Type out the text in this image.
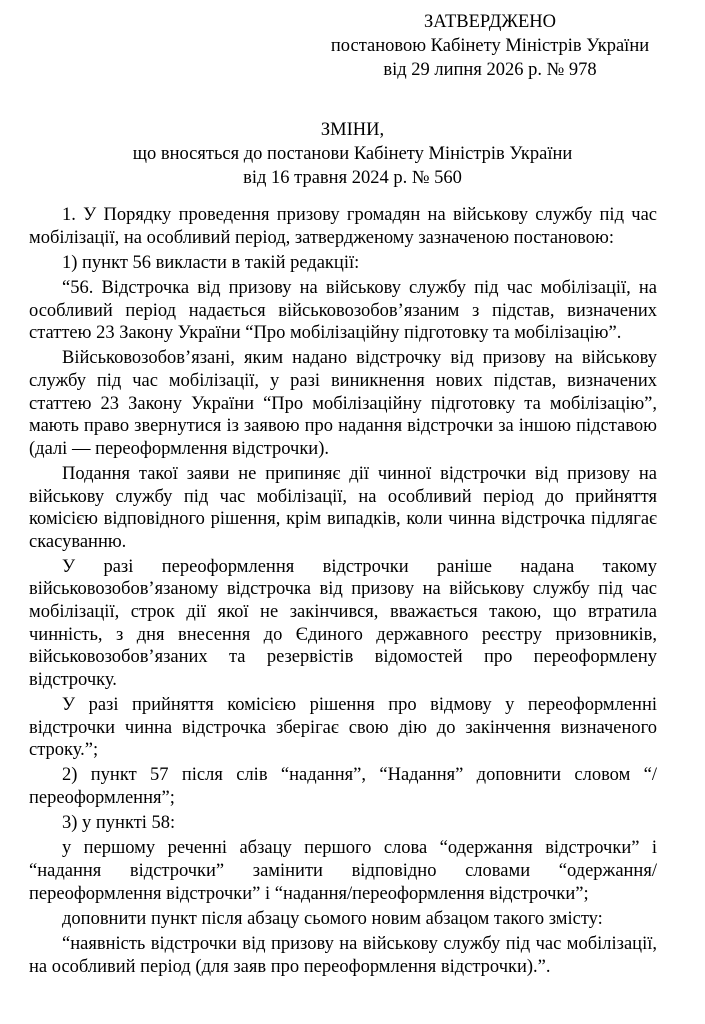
ЗАТВЕРДЖЕНО
постановою Кабінету Міністрів України
від 29 липня 2026 р. № 978
ЗМІНИ,
що вносяться до постанови Кабінету Міністрів України
від 16 травня 2024 р. № 560

1. У Порядку проведення призову громадян на військову службу під час мобілізації, на особливий період, затвердженому зазначеною постановою:

1) пункт 56 викласти в такій редакції:

“56. Відстрочка від призову на військову службу під час мобілізації, на особливий період надається військовозобов’язаним з підстав, визначених статтею 23 Закону України “Про мобілізаційну підготовку та мобілізацію”.

Військовозобов’язані, яким надано відстрочку від призову на військову службу під час мобілізації, у разі виникнення нових підстав, визначених статтею 23 Закону України “Про мобілізаційну підготовку та мобілізацію”, мають право звернутися із заявою про надання відстрочки за іншою підставою (далі — переоформлення відстрочки).

Подання такої заяви не припиняє дії чинної відстрочки від призову на військову службу під час мобілізації, на особливий період до прийняття комісією відповідного рішення, крім випадків, коли чинна відстрочка підлягає скасуванню.

У разі переоформлення відстрочки раніше надана такому військовозобов’язаному відстрочка від призову на військову службу під час мобілізації, строк дії якої не закінчився, вважається такою, що втратила чинність, з дня внесення до Єдиного державного реєстру призовників, військовозобов’язаних та резервістів відомостей про переоформлену відстрочку.

У разі прийняття комісією рішення про відмову у переоформленні відстрочки чинна відстрочка зберігає свою дію до закінчення визначеного строку.”;

2) пункт 57 після слів “надання”, “Надання” доповнити словом “/переоформлення”;

3) у пункті 58:

у першому реченні абзацу першого слова “одержання відстрочки” і “надання відстрочки” замінити відповідно словами “одержання/ переоформлення відстрочки” і “надання/переоформлення відстрочки”;

доповнити пункт після абзацу сьомого новим абзацом такого змісту:

“наявність відстрочки від призову на військову службу під час мобілізації, на особливий період (для заяв про переоформлення відстрочки).”.
